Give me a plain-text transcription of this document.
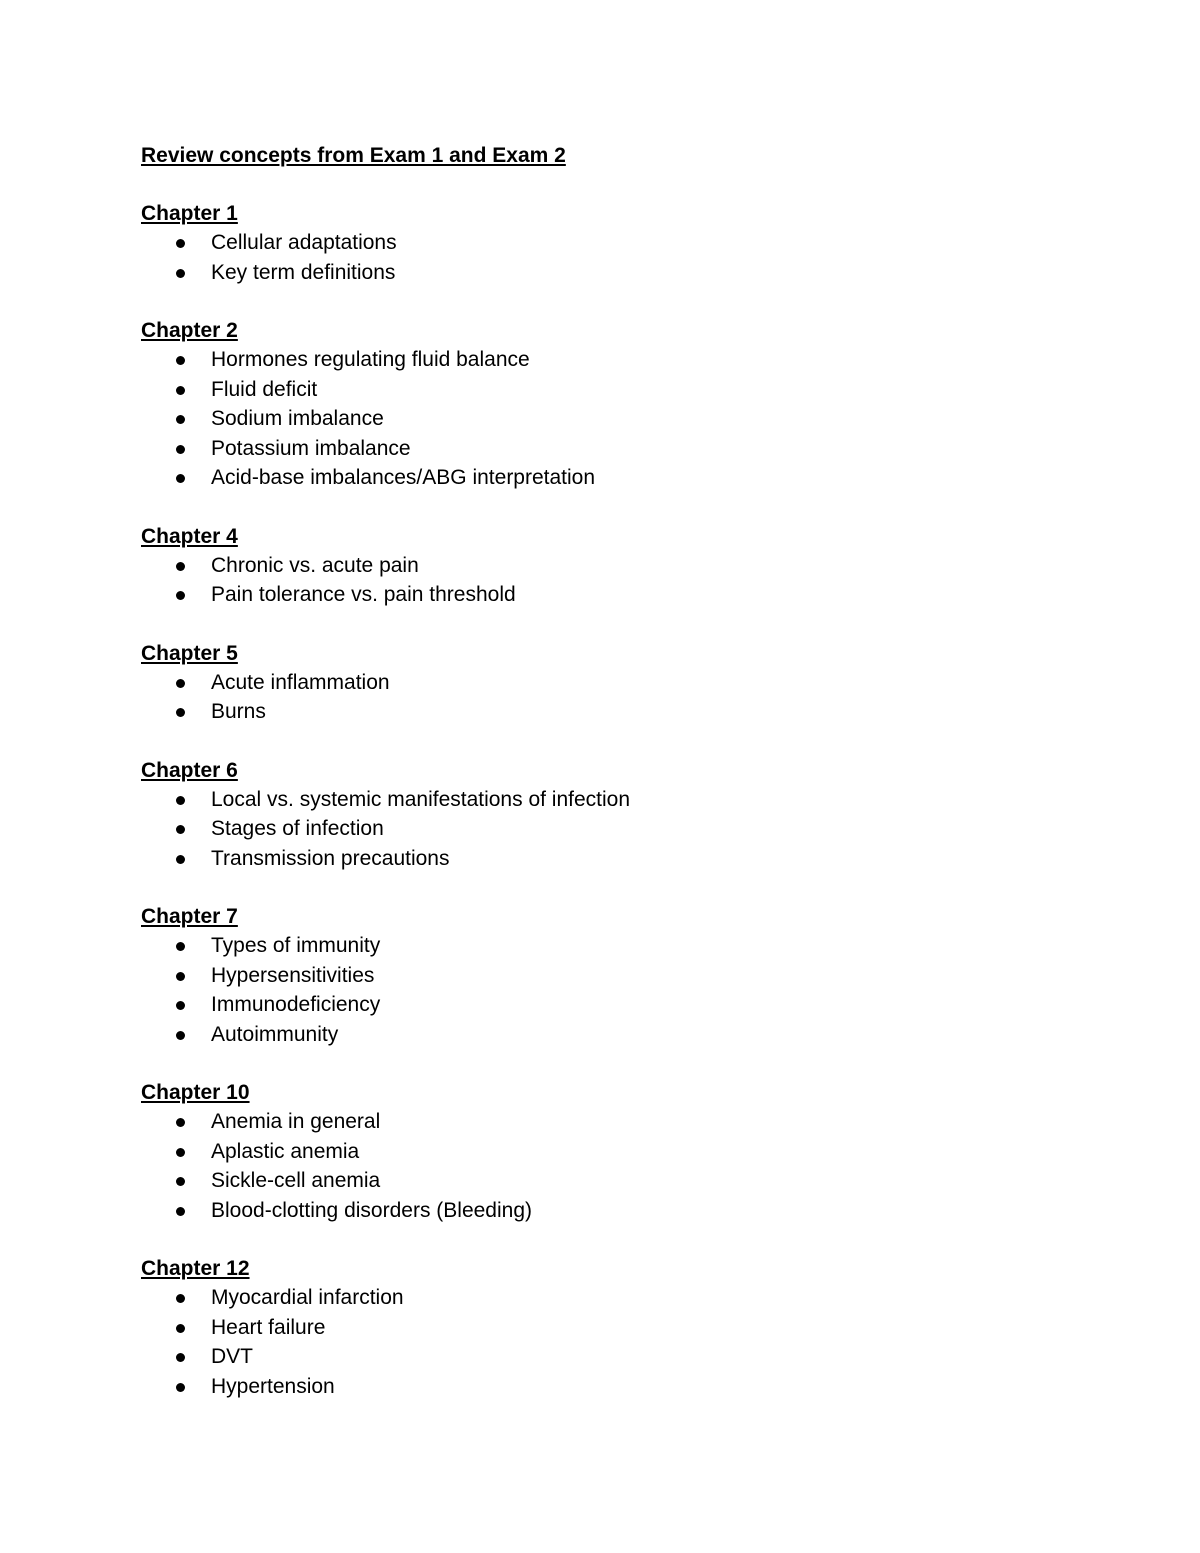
Review concepts from Exam 1 and Exam 2
Chapter 1
Cellular adaptations
Key term definitions
Chapter 2
Hormones regulating fluid balance
Fluid deficit
Sodium imbalance
Potassium imbalance
Acid-base imbalances/ABG interpretation
Chapter 4
Chronic vs. acute pain
Pain tolerance vs. pain threshold
Chapter 5
Acute inflammation
Burns
Chapter 6
Local vs. systemic manifestations of infection
Stages of infection
Transmission precautions
Chapter 7
Types of immunity
Hypersensitivities
Immunodeficiency
Autoimmunity
Chapter 10
Anemia in general
Aplastic anemia
Sickle-cell anemia
Blood-clotting disorders (Bleeding)
Chapter 12
Myocardial infarction
Heart failure
DVT
Hypertension
